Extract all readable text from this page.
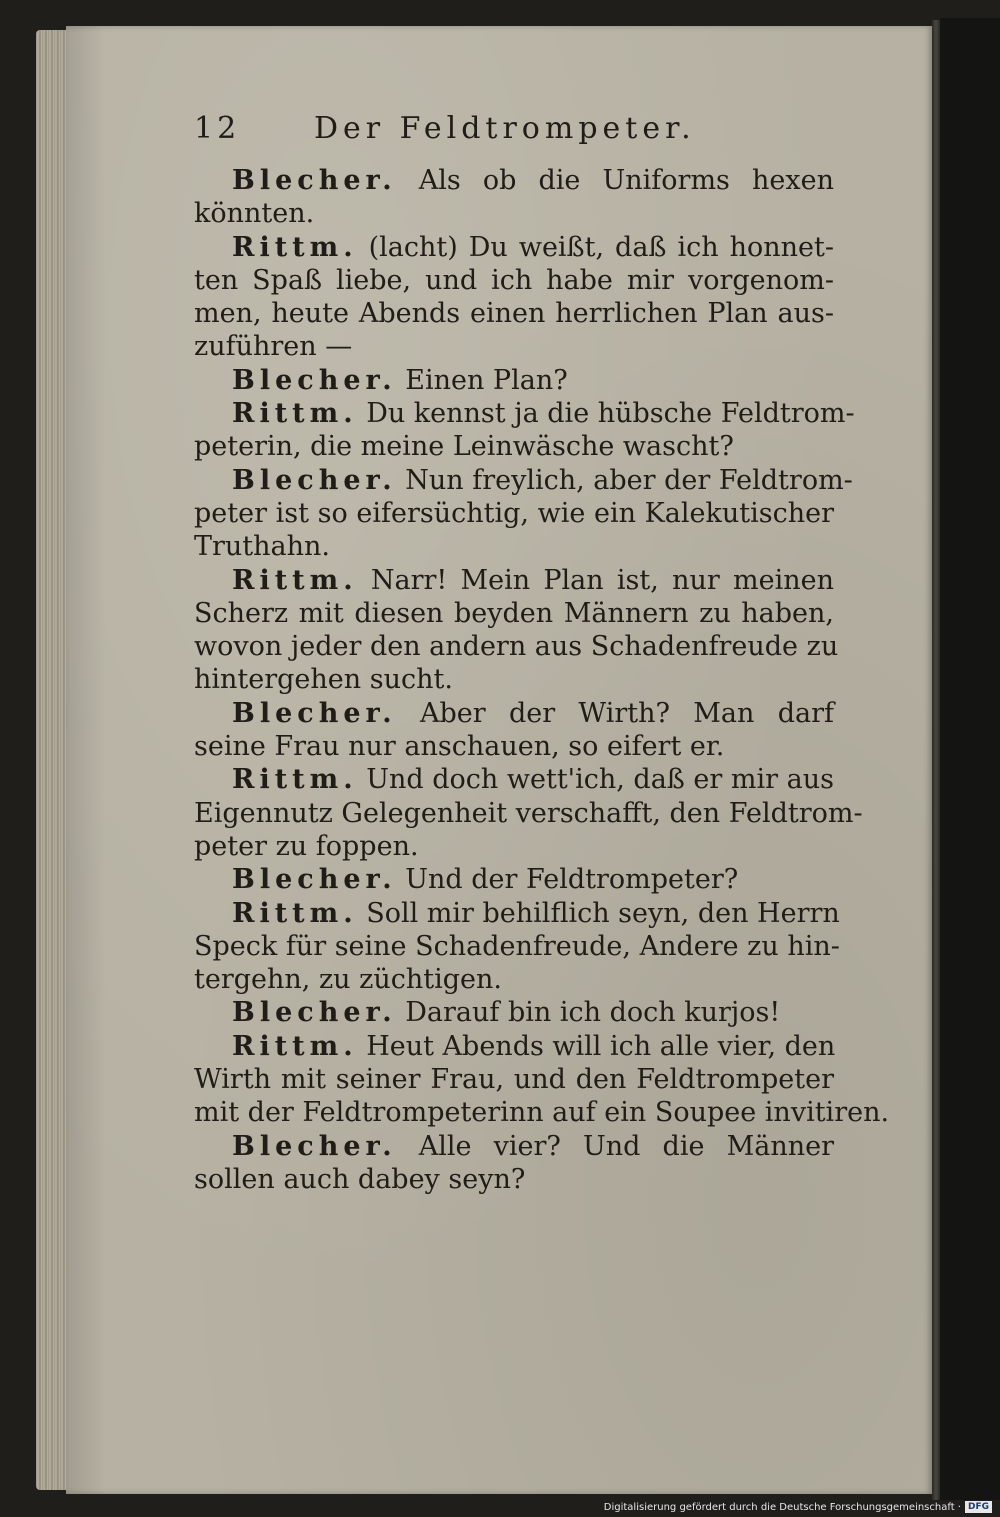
12	Der Feldtrompeter.
Blecher. Als ob die Uniforms hexen
könnten.
Rittm. (lacht) Du weißt, daß ich honnet-
ten Spaß liebe, und ich habe mir vorgenom-
men, heute Abends einen herrlichen Plan aus-
zuführen —
Blecher. Einen Plan?
Rittm. Du kennst ja die hübsche Feldtrom-
peterin, die meine Leinwäsche wascht?
Blecher. Nun freylich, aber der Feldtrom-
peter ist so eifersüchtig, wie ein Kalekutischer
Truthahn.
Rittm. Narr! Mein Plan ist, nur meinen
Scherz mit diesen beyden Männern zu haben,
wovon jeder den andern aus Schadenfreude zu
hintergehen sucht.
Blecher. Aber der Wirth? Man darf
seine Frau nur anschauen, so eifert er.
Rittm. Und doch wett'ich, daß er mir aus
Eigennutz Gelegenheit verschafft, den Feldtrom-
peter zu foppen.
Blecher. Und der Feldtrompeter?
Rittm. Soll mir behilflich seyn, den Herrn
Speck für seine Schadenfreude, Andere zu hin-
tergehn, zu züchtigen.
Blecher. Darauf bin ich doch kurjos!
Rittm. Heut Abends will ich alle vier, den
Wirth mit seiner Frau, und den Feldtrompeter
mit der Feldtrompeterinn auf ein Soupee invitiren.
Blecher. Alle vier? Und die Männer
sollen auch dabey seyn?
Digitalisierung gefördert durch die Deutsche Forschungsgemeinschaft · DFG
